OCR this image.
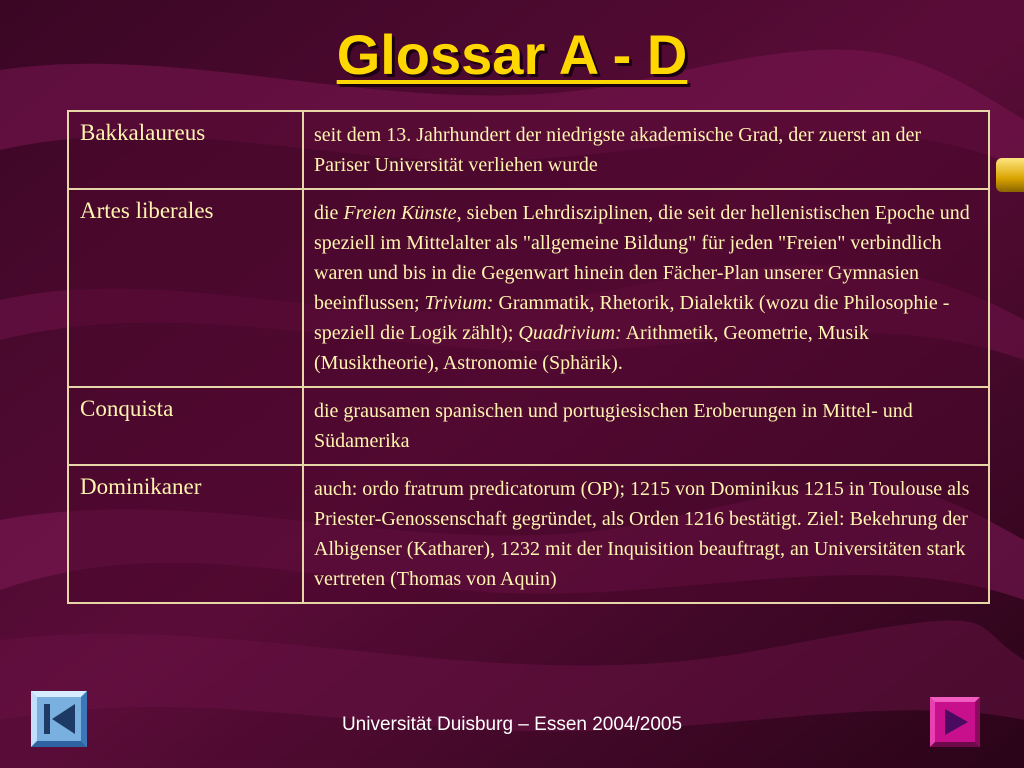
Glossar A - D
Bakkalaureus	seit dem 13. Jahrhundert der niedrigste akademische Grad, der zuerst an der Pariser Universität verliehen wurde
Artes liberales	die Freien Künste, sieben Lehrdisziplinen, die seit der hellenistischen Epoche und speziell im Mittelalter als "allgemeine Bildung" für jeden "Freien" verbindlich waren und bis in die Gegenwart hinein den Fächer-Plan unserer Gymnasien beeinflussen; Trivium: Grammatik, Rhetorik, Dialektik (wozu die Philosophie - speziell die Logik zählt); Quadrivium: Arithmetik, Geometrie, Musik (Musiktheorie), Astronomie (Sphärik).
Conquista	die grausamen spanischen und portugiesischen Eroberungen in Mittel- und Südamerika
Dominikaner	auch: ordo fratrum predicatorum (OP); 1215 von Dominikus 1215 in Toulouse als Priester-Genossenschaft gegründet, als Orden 1216 bestätigt. Ziel: Bekehrung der Albigenser (Katharer), 1232 mit der Inquisition beauftragt, an Universitäten stark vertreten (Thomas von Aquin)
Universität Duisburg – Essen 2004/2005
